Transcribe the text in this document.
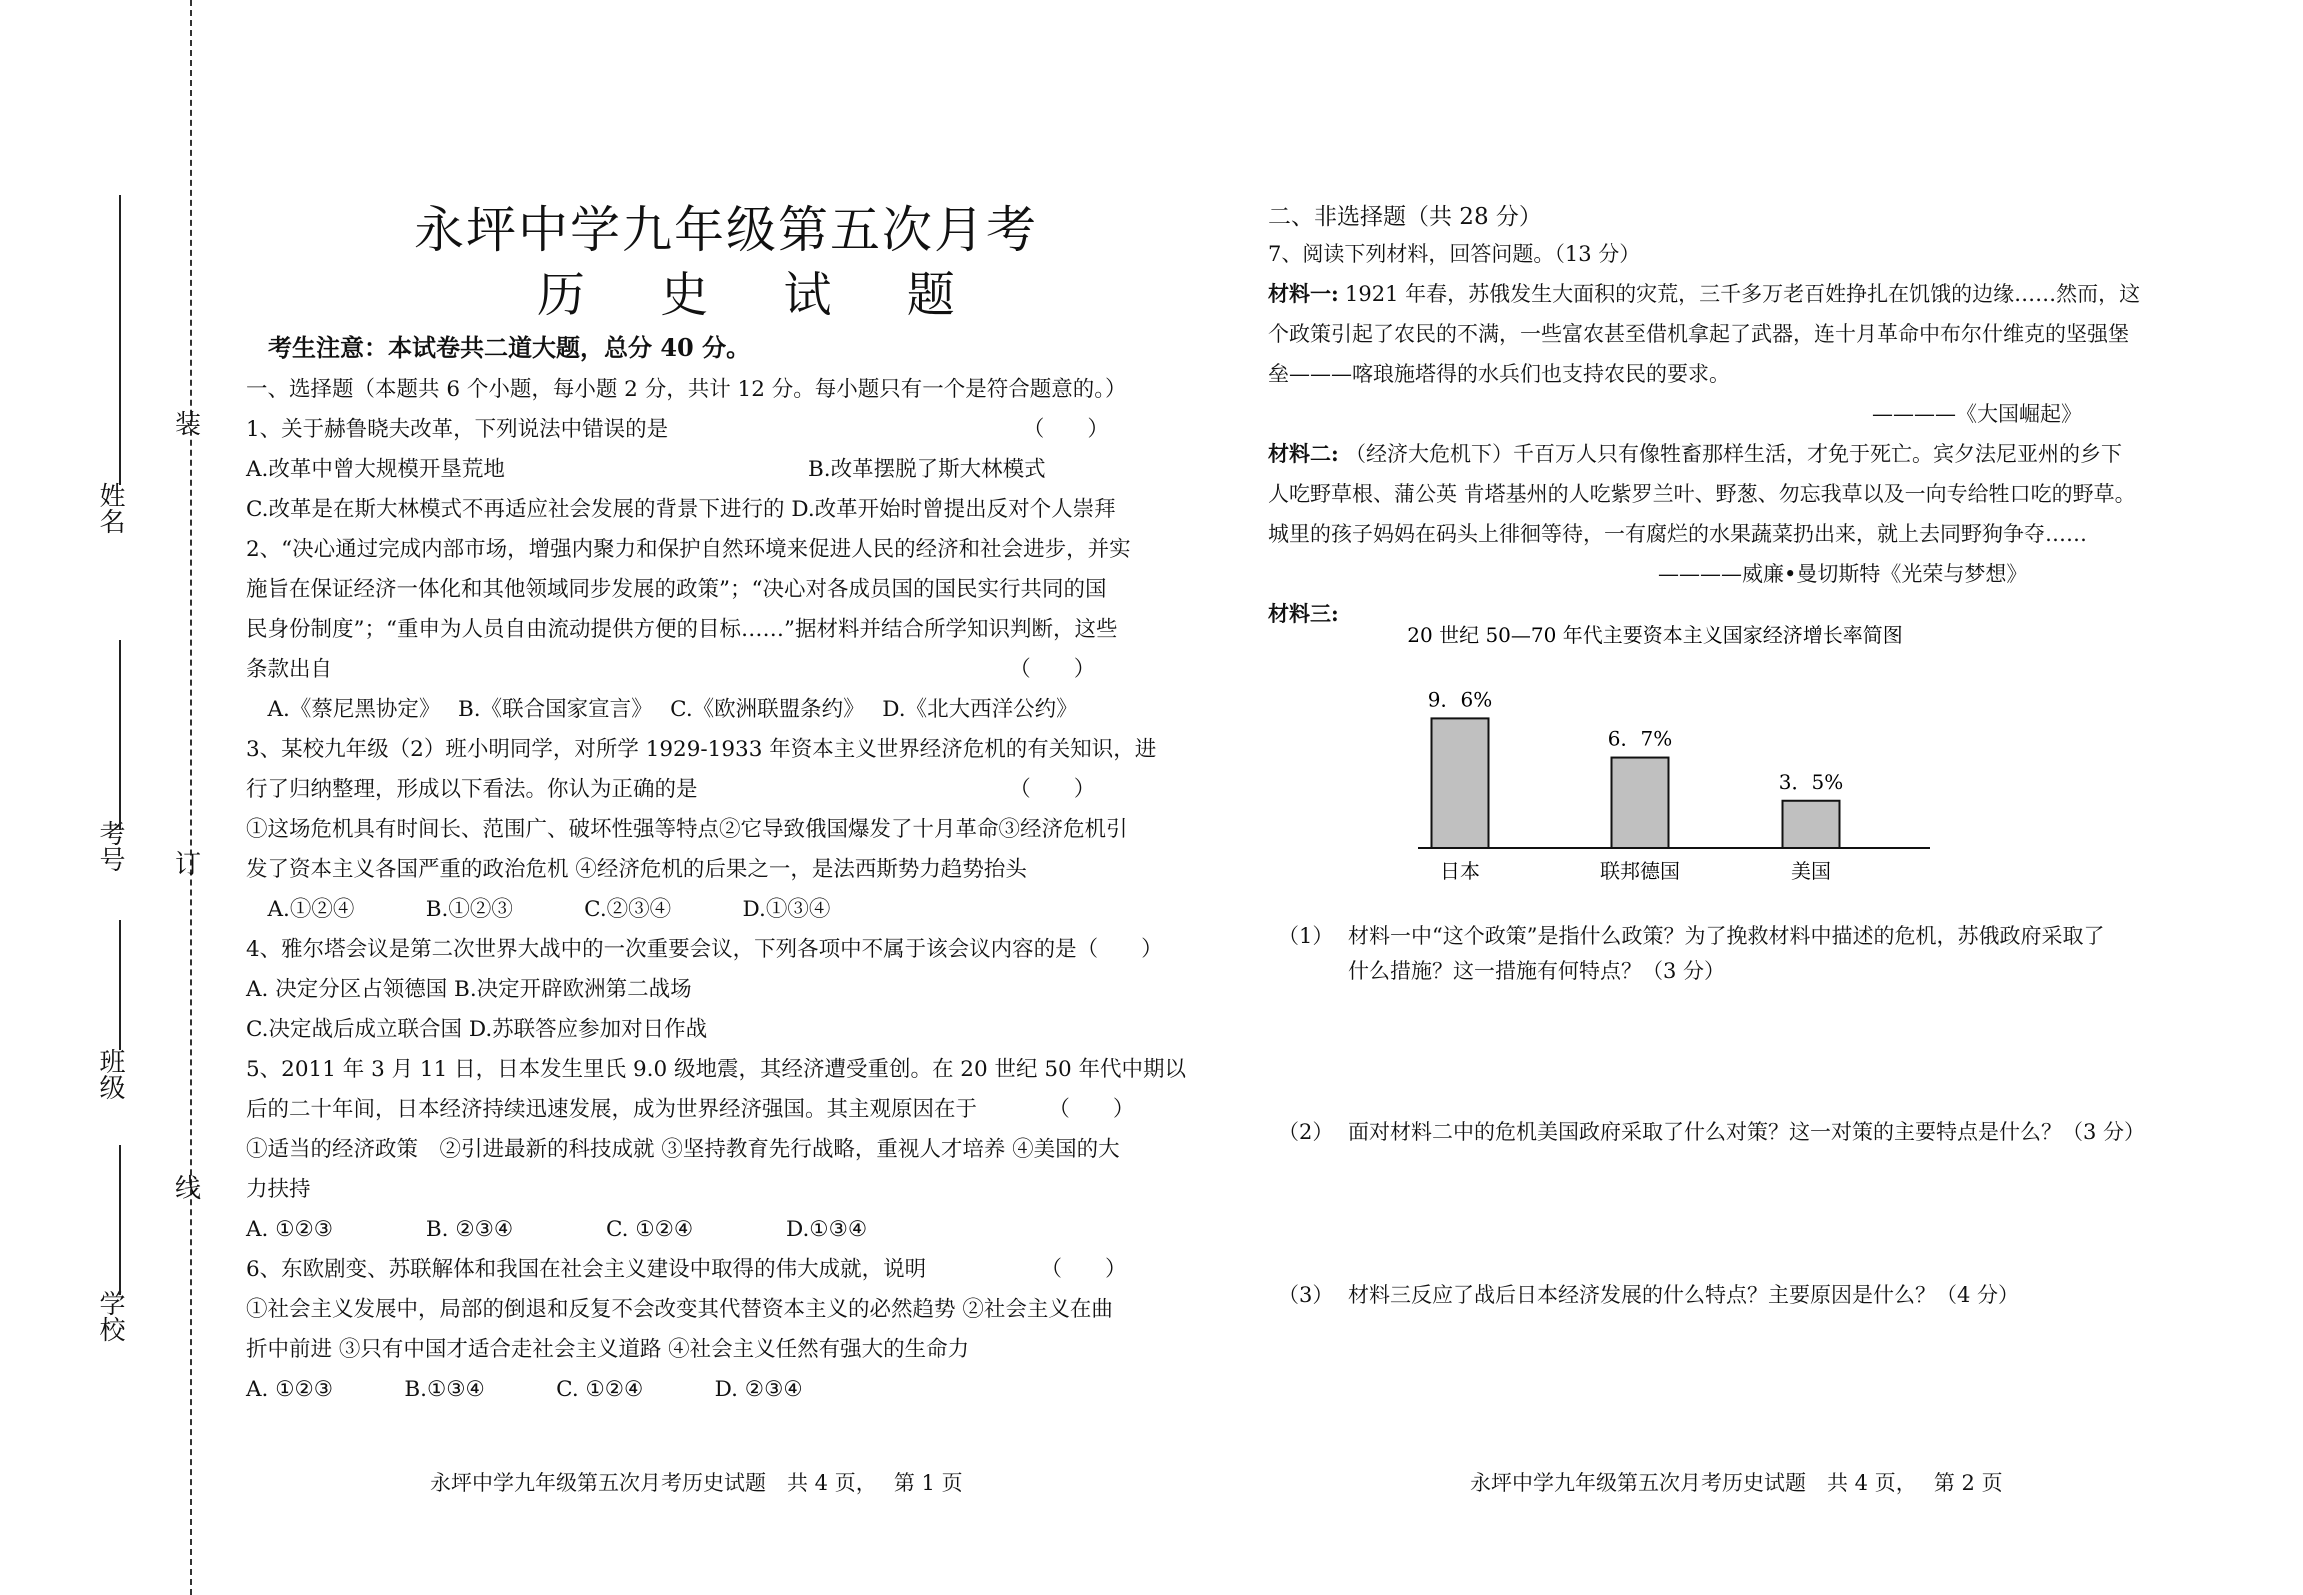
装
订
线
姓名
考号
班级
学校
永坪中学九年级第五次月考
历 史 试 题
考生注意：本试卷共二道大题，总分 40 分。
一、选择题（本题共 6 个小题，每小题 2 分，共计 12 分。每小题只有一个是符合题意的。）
1、关于赫鲁晓夫改革，下列说法中错误的是　　　　　　　　　　　　　　　　　（　　）
A.改革中曾大规模开垦荒地	B.改革摆脱了斯大林模式
C.改革是在斯大林模式不再适应社会发展的背景下进行的 D.改革开始时曾提出反对个人崇拜
2、“决心通过完成内部市场，增强内聚力和保护自然环境来促进人民的经济和社会进步，并实
施旨在保证经济一体化和其他领域同步发展的政策”；“决心对各成员国的国民实行共同的国
民身份制度”；“重申为人员自由流动提供方便的目标……”据材料并结合所学知识判断，这些
条款出自　　　　　　　　　　　　　　　　　　　　　　　　　　　　　　　　（　　）
　A.《蔡尼黑协定》　 B.《联合国家宣言》　 C.《欧洲联盟条约》　 D.《北大西洋公约》
3、某校九年级（2）班小明同学，对所学 1929-1933 年资本主义世界经济危机的有关知识，进
行了归纳整理，形成以下看法。你认为正确的是　　　　　　　　　　　　　　　（　　）
①这场危机具有时间长、范围广、破坏性强等特点②它导致俄国爆发了十月革命③经济危机引
发了资本主义各国严重的政治危机 ④经济危机的后果之一，是法西斯势力趋势抬头
　A.①②④　　　 B.①②③　　　 C.②③④　　　 D.①③④
4、雅尔塔会议是第二次世界大战中的一次重要会议，下列各项中不属于该会议内容的是（　　）
A. 决定分区占领德国 B.决定开辟欧洲第二战场
C.决定战后成立联合国 D.苏联答应参加对日作战
5、2011 年 3 月 11 日，日本发生里氏 9.0 级地震，其经济遭受重创。在 20 世纪 50 年代中期以
后的二十年间，日本经济持续迅速发展，成为世界经济强国。其主观原因在于　　　 （　　）
①适当的经济政策　②引进最新的科技成就 ③坚持教育先行战略，重视人才培养 ④美国的大
力扶持
A. ①②③　　　　 B. ②③④　　　　 C. ①②④　　　　 D.①③④
6、东欧剧变、苏联解体和我国在社会主义建设中取得的伟大成就，说明　　　　　 （　　）
①社会主义发展中，局部的倒退和反复不会改变其代替资本主义的必然趋势 ②社会主义在曲
折中前进 ③只有中国才适合走社会主义道路 ④社会主义任然有强大的生命力
A. ①②③　　　 B.①③④　　　 C. ①②④　　　 D. ②③④
二、非选择题（共 28 分）
7、阅读下列材料，回答问题。（13 分）
材料一: 1921 年春，苏俄发生大面积的灾荒，三千多万老百姓挣扎在饥饿的边缘……然而，这
个政策引起了农民的不满，一些富农甚至借机拿起了武器，连十月革命中布尔什维克的坚强堡
垒———喀琅施塔得的水兵们也支持农民的要求。
————《大国崛起》
材料二: （经济大危机下）千百万人只有像牲畜那样生活，才免于死亡。宾夕法尼亚州的乡下
人吃野草根、蒲公英 肯塔基州的人吃紫罗兰叶、野葱、勿忘我草以及一向专给牲口吃的野草。
城里的孩子妈妈在码头上徘徊等待，一有腐烂的水果蔬菜扔出来，就上去同野狗争夺……
————威廉•曼切斯特《光荣与梦想》
材料三:
（1） 材料一中“这个政策”是指什么政策？为了挽救材料中描述的危机，苏俄政府采取了
什么措施？这一措施有何特点？（3 分）
（2） 面对材料二中的危机美国政府采取了什么对策？这一对策的主要特点是什么？（3 分）
（3） 材料三反应了战后日本经济发展的什么特点？主要原因是什么？（4 分）
20 世纪 50—70 年代主要资本主义国家经济增长率简图
9．6%
日本
6．7%
联邦德国
3．5%
美国
永坪中学九年级第五次月考历史试题　共 4 页，　 第 1 页	永坪中学九年级第五次月考历史试题　共 4 页，　 第 2 页
